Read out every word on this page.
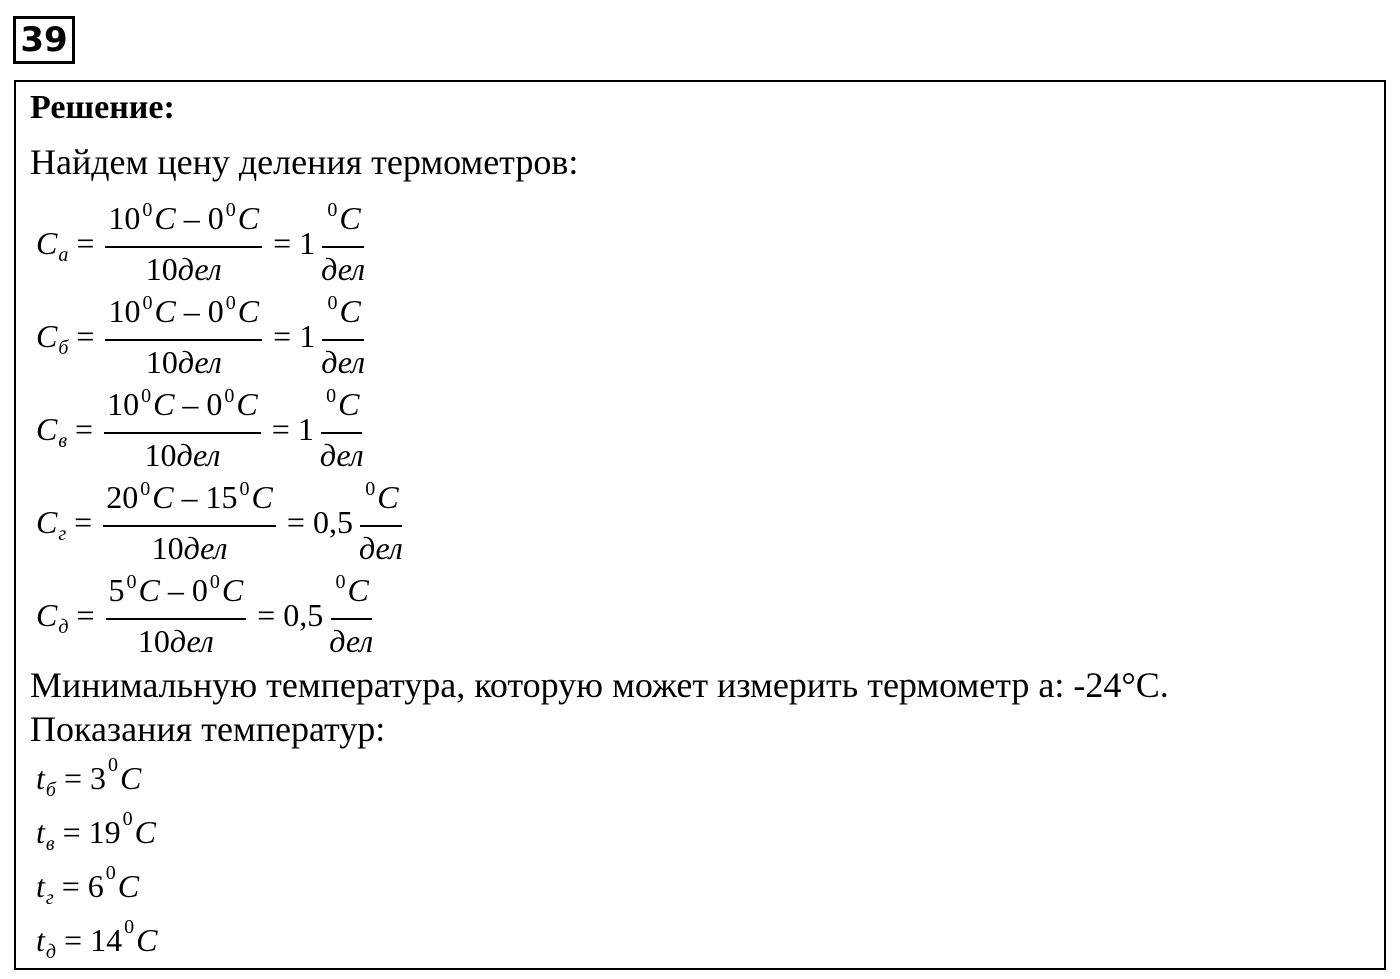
39
Решение:
Найдем цену деления термометров:
C $а = \frac{10 ^0C - 0 ^0C}{\text{10дел}} = 1 \frac{^0C}{\text{дел}}$
C $б = \frac{10 ^0C - 0 ^0C}{\text{10дел}} = 1 \frac{^0C}{\text{дел}}$
C $в = \frac{10 ^0C - 0 ^0C}{\text{10дел}} = 1 \frac{^0C}{\text{дел}}$
C $г = \frac{20 ^0C - 15 ^0C}{\text{10дел}} = 0,5 \frac{^0C}{\text{дел}}$
C $д = \frac{5 ^0C - 0 ^0C}{\text{10дел}} = 0,5 \frac{^0C}{\text{дел}}$
Минимальную температура, которую может измерить термометр а: -24°С.
Показания температур:
t б = 3 0 C
t в = 19 0 C
t г = 6 0 C
t д = 14 0 C
